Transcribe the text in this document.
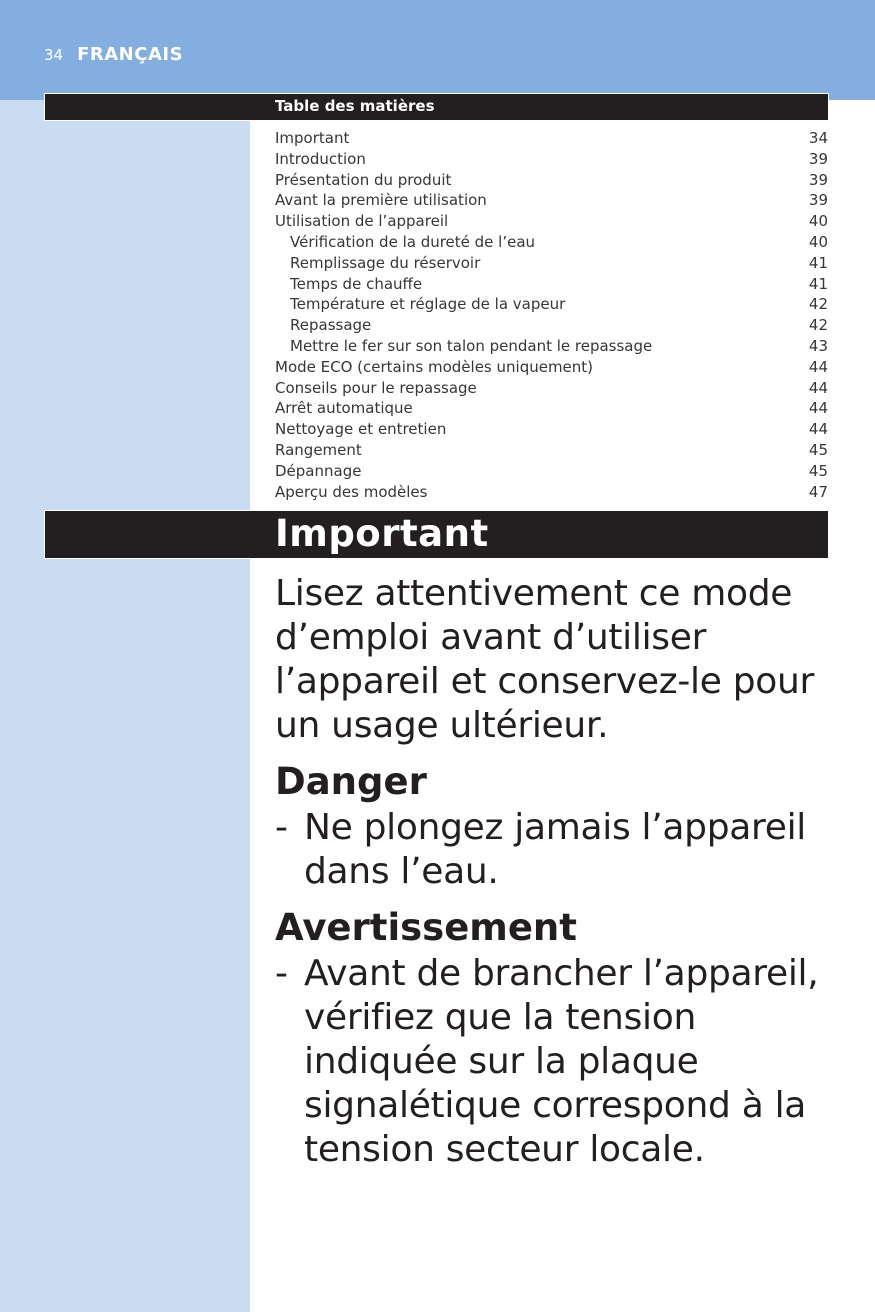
34 FRANÇAIS
Table des matières
Important	34
Introduction	39
Présentation du produit	39
Avant la première utilisation	39
Utilisation de l’appareil	40
Vérification de la dureté de l’eau	40
Remplissage du réservoir	41
Temps de chauffe	41
Température et réglage de la vapeur	42
Repassage	42
Mettre le fer sur son talon pendant le repassage	43
Mode ECO (certains modèles uniquement)	44
Conseils pour le repassage	44
Arrêt automatique	44
Nettoyage et entretien	44
Rangement	45
Dépannage	45
Aperçu des modèles	47
Important

Lisez attentivement ce mode d’emploi avant d’utiliser l’appareil et conservez-le pour un usage ultérieur.

Danger
- Ne plongez jamais l’appareil dans l’eau.
Avertissement
- Avant de brancher l’appareil, vérifiez que la tension indiquée sur la plaque signalétique correspond à la tension secteur locale.
